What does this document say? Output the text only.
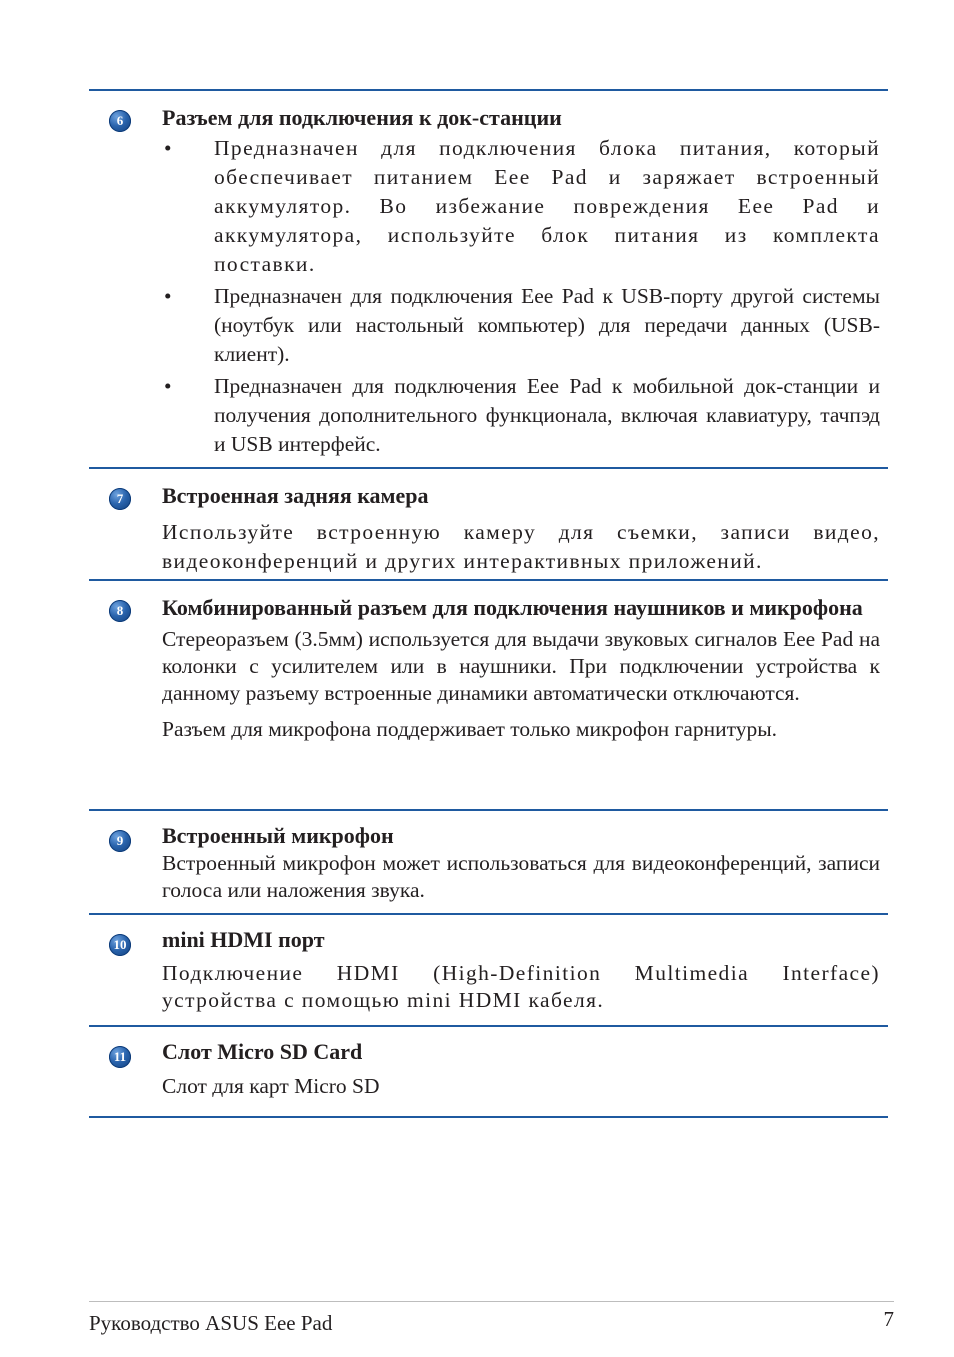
6	Разъем для подключения к док-станции
• Предназначен для подключения блока питания, который обеспечивает питанием Eee Pad и заряжает встроенный аккумулятор. Во избежание повреждения Eee Pad и аккумулятора, используйте блок питания из комплекта поставки.
• Предназначен для подключения Eee Pad к USB-порту другой системы (ноутбук или настольный компьютер) для передачи данных (USB-клиент).
• Предназначен для подключения Eee Pad к мобильной док-станции и получения дополнительного функционала, включая клавиатуру, тачпэд и USB интерфейс.
7	Встроенная задняя камера
Используйте встроенную камеру для съемки, записи видео, видеоконференций и других интерактивных приложений.
8	Комбинированный разъем для подключения наушников и микрофона
Стереоразъем (3.5мм) используется для выдачи звуковых сигналов Eee Pad на колонки с усилителем или в наушники. При подключении устройства к данному разъему встроенные динамики автоматически отключаются.
Разъем для микрофона поддерживает только микрофон гарнитуры.
9	Встроенный микрофон
Встроенный микрофон может использоваться для видеоконференций, записи голоса или наложения звука.
10 mini HDMI порт
Подключение HDMI (High-Definition Multimedia Interface) устройства с помощью mini HDMI кабеля.
11 Слот Micro SD Card
Слот для карт Micro SD
Руководство ASUS Eee Pad	7
